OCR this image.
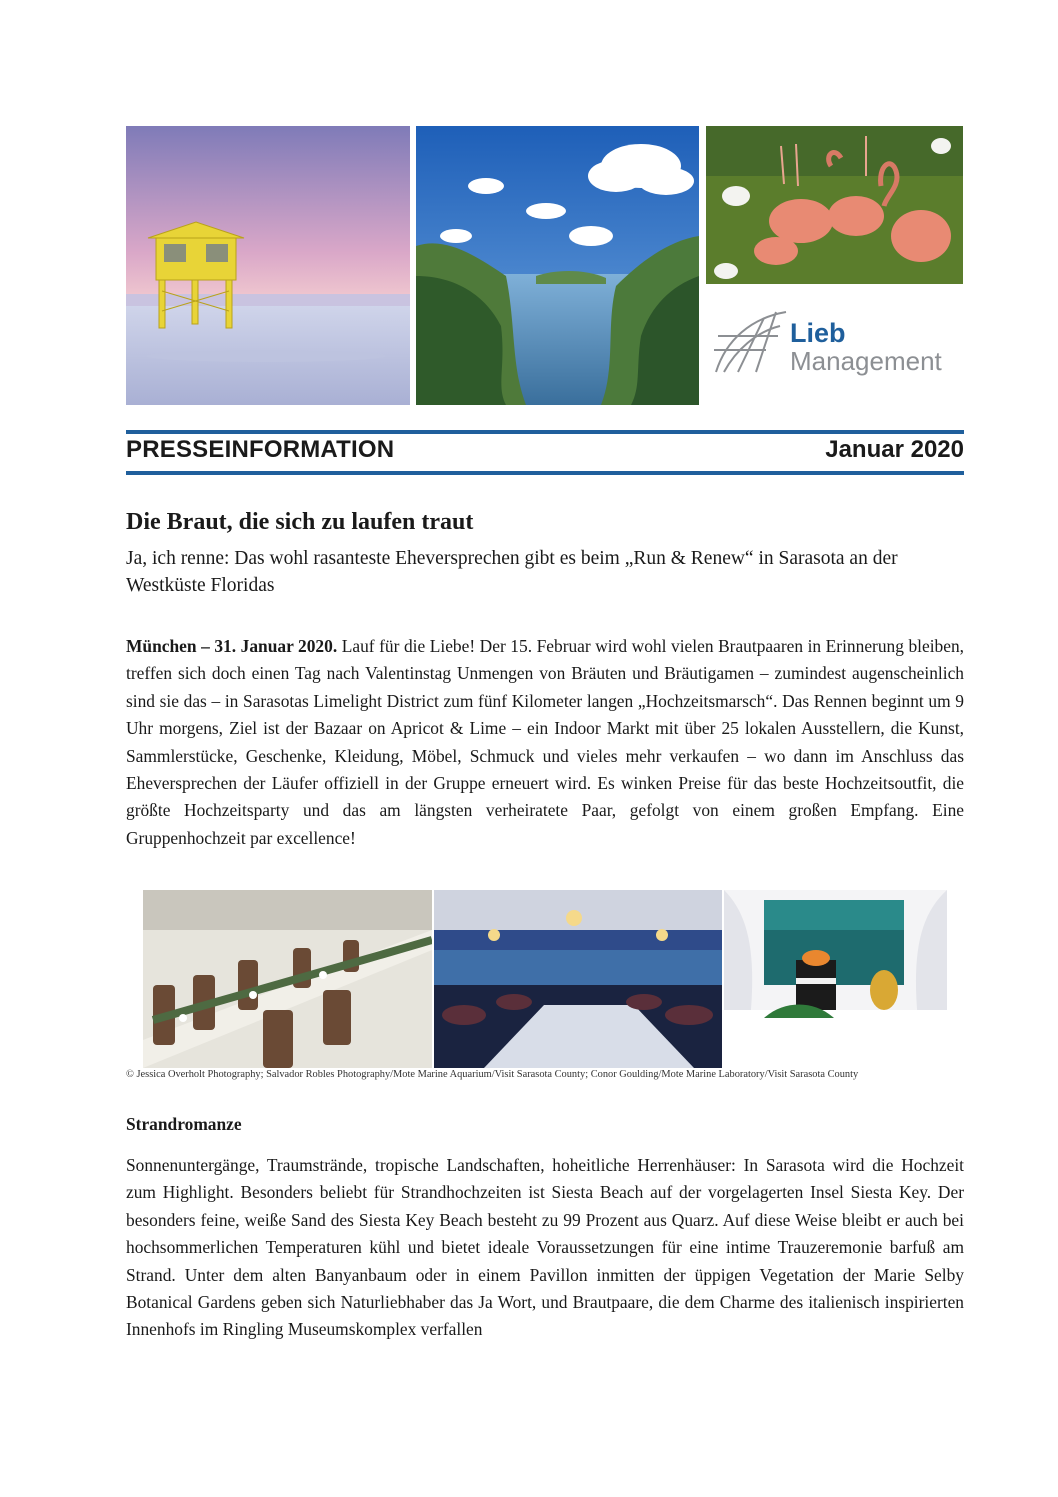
Lieb
Management
PRESSEINFORMATION	Januar 2020
Die Braut, die sich zu laufen traut
Ja, ich renne: Das wohl rasanteste Eheversprechen gibt es beim „Run & Renew“ in Sarasota an der Westküste Floridas
München – 31. Januar 2020. Lauf für die Liebe! Der 15. Februar wird wohl vielen Brautpaaren in Erinnerung bleiben, treffen sich doch einen Tag nach Valentinstag Unmengen von Bräuten und Bräutigamen – zumindest augenscheinlich sind sie das – in Sarasotas Limelight District zum fünf Kilometer langen „Hochzeitsmarsch“. Das Rennen beginnt um 9 Uhr morgens, Ziel ist der Bazaar on Apricot & Lime – ein Indoor Markt mit über 25 lokalen Ausstellern, die Kunst, Sammlerstücke, Geschenke, Kleidung, Möbel, Schmuck und vieles mehr verkaufen – wo dann im Anschluss das Eheversprechen der Läufer offiziell in der Gruppe erneuert wird. Es winken Preise für das beste Hochzeitsoutfit, die größte Hochzeitsparty und das am längsten verheiratete Paar, gefolgt von einem großen Empfang. Eine Gruppenhochzeit par excellence!
© Jessica Overholt Photography; Salvador Robles Photography/Mote Marine Aquarium/Visit Sarasota County; Conor Goulding/Mote Marine Laboratory/Visit Sarasota County
Strandromanze
Sonnenuntergänge, Traumstrände, tropische Landschaften, hoheitliche Herrenhäuser: In Sarasota wird die Hochzeit zum Highlight. Besonders beliebt für Strandhochzeiten ist Siesta Beach auf der vorgelagerten Insel Siesta Key. Der besonders feine, weiße Sand des Siesta Key Beach besteht zu 99 Prozent aus Quarz. Auf diese Weise bleibt er auch bei hochsommerlichen Temperaturen kühl und bietet ideale Voraussetzungen für eine intime Trauzeremonie barfuß am Strand. Unter dem alten Banyanbaum oder in einem Pavillon inmitten der üppigen Vegetation der Marie Selby Botanical Gardens geben sich Naturliebhaber das Ja Wort, und Brautpaare, die dem Charme des italienisch inspirierten Innenhofs im Ringling Museumskomplex verfallen
